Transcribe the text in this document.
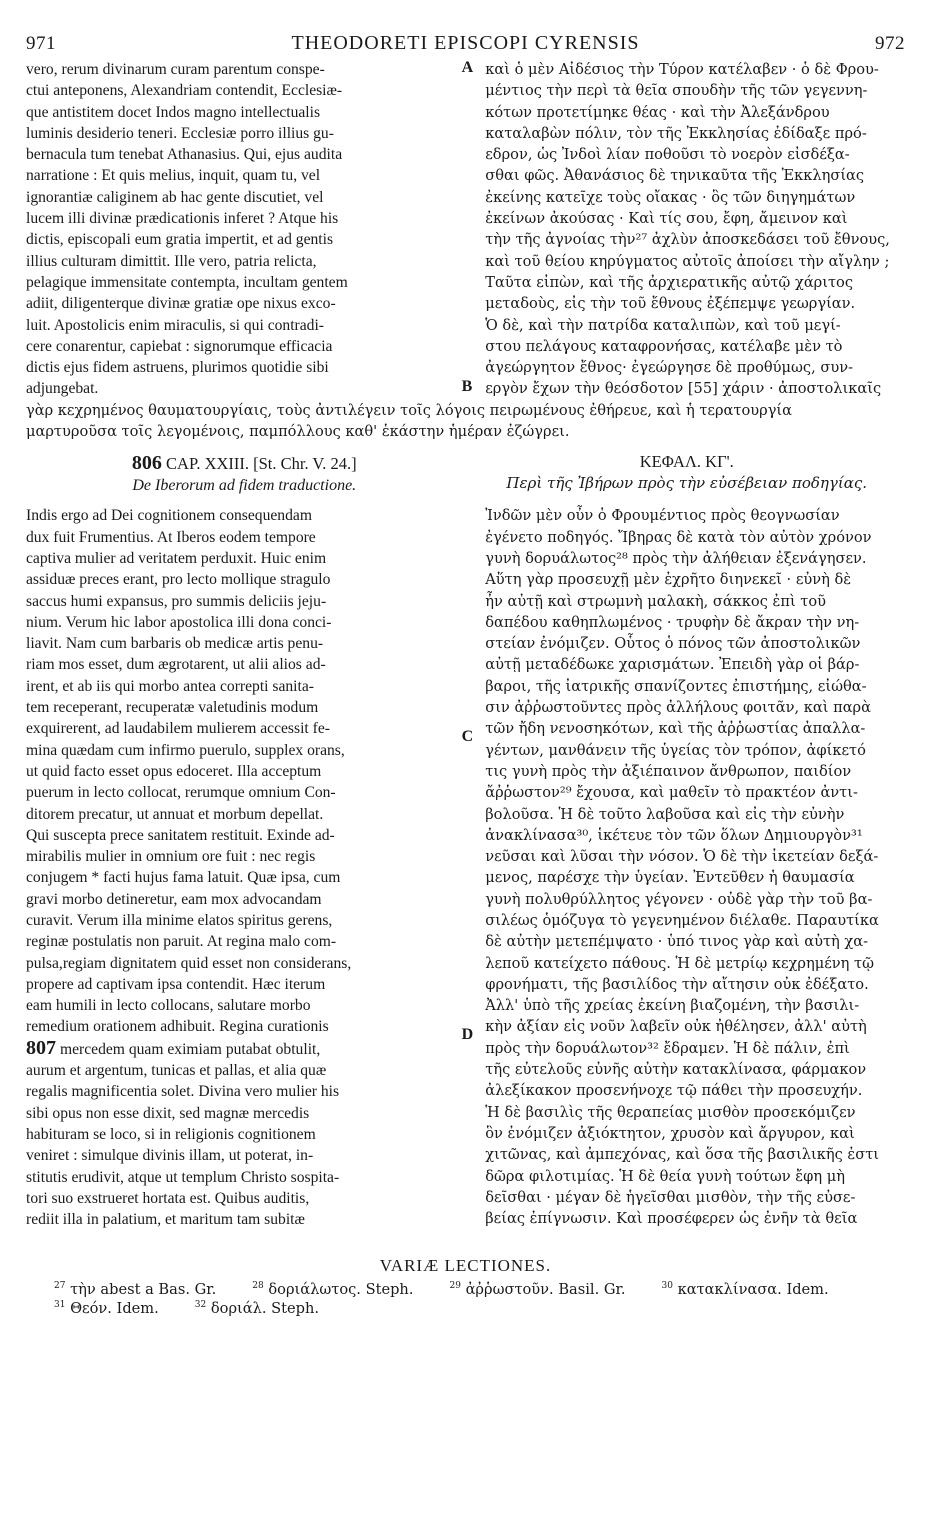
971	THEODORETI EPISCOPI CYRENSIS	972
vero, rerum divinarum curam parentum conspe-
ctui anteponens, Alexandriam contendit, Ecclesiæ-
que antistitem docet Indos magno intellectualis
luminis desiderio teneri. Ecclesiæ porro illius gu-
bernacula tum tenebat Athanasius. Qui, ejus audita
narratione : Et quis melius, inquit, quam tu, vel
ignorantiæ caliginem ab hac gente discutiet, vel
lucem illi divinæ prædicationis inferet ? Atque his
dictis, episcopali eum gratia impertit, et ad gentis
illius culturam dimittit. Ille vero, patria relicta,
pelagique immensitate contempta, incultam gentem
adiit, diligenterque divinæ gratiæ ope nixus exco-
luit. Apostolicis enim miraculis, si qui contradi-
cere conarentur, capiebat : signorumque efficacia
dictis ejus fidem astruens, plurimos quotidie sibi
adjungebat.
A
B
καὶ ὁ μὲν Αἰδέσιος τὴν Τύρον κατέλαβεν · ὁ δὲ Φρου-
μέντιος τὴν περὶ τὰ θεῖα σπουδὴν τῆς τῶν γεγεννη-
κότων προτετίμηκε θέας · καὶ τὴν Ἀλεξάνδρου
καταλαβὼν πόλιν, τὸν τῆς Ἐκκλησίας ἐδίδαξε πρό-
εδρον, ὡς Ἰνδοὶ λίαν ποθοῦσι τὸ νοερὸν εἰσδέξα-
σθαι φῶς. Ἀθανάσιος δὲ τηνικαῦτα τῆς Ἐκκλησίας
ἐκείνης κατεῖχε τοὺς οἴακας · ὃς τῶν διηγημάτων
ἐκείνων ἀκούσας · Καὶ τίς σου, ἔφη, ἄμεινον καὶ
τὴν τῆς ἀγνοίας τὴν²⁷ ἀχλὺν ἀποσκεδάσει τοῦ ἔθνους,
καὶ τοῦ θείου κηρύγματος αὐτοῖς ἀποίσει τὴν αἴγλην ;
Ταῦτα εἰπὼν, καὶ τῆς ἀρχιερατικῆς αὐτῷ χάριτος
μεταδοὺς, εἰς τὴν τοῦ ἔθνους ἐξέπεμψε γεωργίαν.
Ὁ δὲ, καὶ τὴν πατρίδα καταλιπὼν, καὶ τοῦ μεγί-
στου πελάγους καταφρονήσας, κατέλαβε μὲν τὸ
ἀγεώργητον ἔθνος· ἐγεώργησε δὲ προθύμως, συν-
εργὸν ἔχων τὴν θεόσδοτον [55] χάριν · ἀποστολικαῖς
γὰρ κεχρημένος θαυματουργίαις, τοὺς ἀντιλέγειν τοῖς λόγοις πειρωμένους ἐθήρευε, καὶ ἡ τερατουργία
μαρτυροῦσα τοῖς λεγομένοις, παμπόλλους καθ' ἑκάστην ἡμέραν ἐζώγρει.
806 CAP. XXIII. [St. Chr. V. 24.]
De Iberorum ad fidem traductione.
ΚΕΦΑΛ. ΚΓ'.
Περὶ τῆς Ἰβήρων πρὸς τὴν εὐσέβειαν ποδηγίας.
Indis ergo ad Dei cognitionem consequendam
dux fuit Frumentius. At Iberos eodem tempore
captiva mulier ad veritatem perduxit. Huic enim
assiduæ preces erant, pro lecto mollique stragulo
saccus humi expansus, pro summis deliciis jeju-
nium. Verum hic labor apostolica illi dona conci-
liavit. Nam cum barbaris ob medicæ artis penu-
riam mos esset, dum ægrotarent, ut alii alios ad-
irent, et ab iis qui morbo antea correpti sanita-
tem receperant, recuperatæ valetudinis modum
exquirerent, ad laudabilem mulierem accessit fe-
mina quædam cum infirmo puerulo, supplex orans,
ut quid facto esset opus edoceret. Illa acceptum
puerum in lecto collocat, rerumque omnium Con-
ditorem precatur, ut annuat et morbum depellat.
Qui suscepta prece sanitatem restituit. Exinde ad-
mirabilis mulier in omnium ore fuit : nec regis
conjugem * facti hujus fama latuit. Quæ ipsa, cum
gravi morbo detineretur, eam mox advocandam
curavit. Verum illa minime elatos spiritus gerens,
reginæ postulatis non paruit. At regina malo com-
pulsa,regiam dignitatem quid esset non considerans,
propere ad captivam ipsa contendit. Hæc iterum
eam humili in lecto collocans, salutare morbo
remedium orationem adhibuit. Regina curationis
807 mercedem quam eximiam putabat obtulit,
aurum et argentum, tunicas et pallas, et alia quæ
regalis magnificentia solet. Divina vero mulier his
sibi opus non esse dixit, sed magnæ mercedis
habituram se loco, si in religionis cognitionem
veniret : simulque divinis illam, ut poterat, in-
stitutis erudivit, atque ut templum Christo sospita-
tori suo exstrueret hortata est. Quibus auditis,
rediit illa in palatium, et maritum tam subitæ
C
D
Ἰνδῶν μὲν οὖν ὁ Φρουμέντιος πρὸς θεογνωσίαν
ἐγένετο ποδηγός. Ἴβηρας δὲ κατὰ τὸν αὐτὸν χρόνον
γυνὴ δορυάλωτος²⁸ πρὸς τὴν ἀλήθειαν ἐξενάγησεν.
Αὕτη γὰρ προσευχῇ μὲν ἐχρῆτο διηνεκεῖ · εὐνὴ δὲ
ἦν αὐτῇ καὶ στρωμνὴ μαλακὴ, σάκκος ἐπὶ τοῦ
δαπέδου καθηπλωμένος · τρυφὴν δὲ ἄκραν τὴν νη-
στείαν ἐνόμιζεν. Οὗτος ὁ πόνος τῶν ἀποστολικῶν
αὐτῇ μεταδέδωκε χαρισμάτων. Ἐπειδὴ γὰρ οἱ βάρ-
βαροι, τῆς ἰατρικῆς σπανίζοντες ἐπιστήμης, εἰώθα-
σιν ἀῤῥωστοῦντες πρὸς ἀλλήλους φοιτᾶν, καὶ παρὰ
τῶν ἤδη νενοσηκότων, καὶ τῆς ἀῤῥωστίας ἀπαλλα-
γέντων, μανθάνειν τῆς ὑγείας τὸν τρόπον, ἀφίκετό
τις γυνὴ πρὸς τὴν ἀξιέπαινον ἄνθρωπον, παιδίον
ἄῤῥωστον²⁹ ἔχουσα, καὶ μαθεῖν τὸ πρακτέον ἀντι-
βολοῦσα. Ἡ δὲ τοῦτο λαβοῦσα καὶ εἰς τὴν εὐνὴν
ἀνακλίνασα³⁰, ἱκέτευε τὸν τῶν ὅλων Δημιουργὸν³¹
νεῦσαι καὶ λῦσαι τὴν νόσον. Ὁ δὲ τὴν ἱκετείαν δεξά-
μενος, παρέσχε τὴν ὑγείαν. Ἐντεῦθεν ἡ θαυμασία
γυνὴ πολυθρύλλητος γέγονεν · οὐδὲ γὰρ τὴν τοῦ βα-
σιλέως ὁμόζυγα τὸ γεγενημένον διέλαθε. Παραυτίκα
δὲ αὐτὴν μετεπέμψατο · ὑπό τινος γὰρ καὶ αὐτὴ χα-
λεποῦ κατείχετο πάθους. Ἡ δὲ μετρίῳ κεχρημένη τῷ
φρονήματι, τῆς βασιλίδος τὴν αἴτησιν οὐκ ἐδέξατο.
Ἀλλ' ὑπὸ τῆς χρείας ἐκείνη βιαζομένη, τὴν βασιλι-
κὴν ἀξίαν εἰς νοῦν λαβεῖν οὐκ ἠθέλησεν, ἀλλ' αὐτὴ
πρὸς τὴν δορυάλωτον³² ἔδραμεν. Ἡ δὲ πάλιν, ἐπὶ
τῆς εὐτελοῦς εὐνῆς αὐτὴν κατακλίνασα, φάρμακον
ἀλεξίκακον προσενήνοχε τῷ πάθει τὴν προσευχήν.
Ἡ δὲ βασιλὶς τῆς θεραπείας μισθὸν προσεκόμιζεν
ὃν ἐνόμιζεν ἀξιόκτητον, χρυσὸν καὶ ἄργυρον, καὶ
χιτῶνας, καὶ ἀμπεχόνας, καὶ ὅσα τῆς βασιλικῆς ἐστι
δῶρα φιλοτιμίας. Ἡ δὲ θεία γυνὴ τούτων ἔφη μὴ
δεῖσθαι · μέγαν δὲ ἡγεῖσθαι μισθὸν, τὴν τῆς εὐσε-
βείας ἐπίγνωσιν. Καὶ προσέφερεν ὡς ἐνῆν τὰ θεῖα
VARIÆ LECTIONES.
$^{27}$ τὴν abest a Bas. Gr.	$^{28}$ δοριάλωτος. Steph.	$^{29}$ ἀῤῥωστοῦν. Basil. Gr.	$^{30}$ κατακλίνασα. Idem.
$^{31}$ Θεόν. Idem.	$^{32}$ δοριάλ. Steph.
